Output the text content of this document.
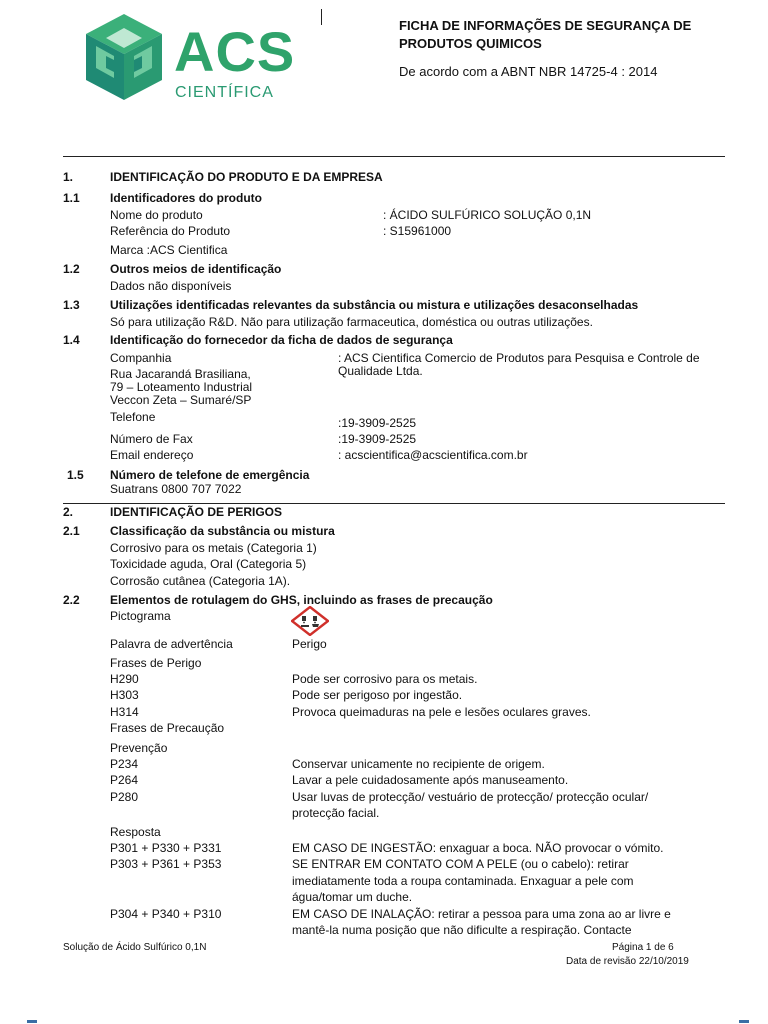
ACS
CIENTÍFICA
FICHA DE INFORMAÇÕES DE SEGURANÇA DE
PRODUTOS QUIMICOS
De acordo com a ABNT NBR 14725-4 : 2014
1.	IDENTIFICAÇÃO DO PRODUTO E DA EMPRESA
1.1	Identificadores do produto
Nome do produto	: ÁCIDO SULFÚRICO SOLUÇÃO 0,1N
Referência do Produto	: S15961000
Marca :ACS Cientifica
1.2	Outros meios de identificação
Dados não disponíveis
1.3	Utilizações identificadas relevantes da substância ou mistura e utilizações desaconselhadas
Só para utilização R&D. Não para utilização farmaceutica, doméstica ou outras utilizações.
1.4	Identificação do fornecedor da ficha de dados de segurança
Companhia	: ACS Cientifica Comercio de Produtos para Pesquisa e Controle de
Qualidade Ltda.
Rua Jacarandá Brasiliana,
79 – Loteamento Industrial
Veccon Zeta – Sumaré/SP
Telefone	:19-3909-2525
Número de Fax	:19-3909-2525
Email endereço	: acscientifica@acscientifica.com.br
1.5 Número de telefone de emergência
Suatrans 0800 707 7022
2.	IDENTIFICAÇÃO DE PERIGOS
2.1	Classificação da substância ou mistura
Corrosivo para os metais (Categoria 1)
Toxicidade aguda, Oral (Categoria 5)
Corrosão cutânea (Categoria 1A).
2.2	Elementos de rotulagem do GHS, incluindo as frases de precaução
Pictograma
Palavra de advertência	Perigo
Frases de Perigo
H290	Pode ser corrosivo para os metais.
H303	Pode ser perigoso por ingestão.
H314	Provoca queimaduras na pele e lesões oculares graves.
Frases de Precaução
Prevenção
P234	Conservar unicamente no recipiente de origem.
P264	Lavar a pele cuidadosamente após manuseamento.
P280	Usar luvas de protecção/ vestuário de protecção/ protecção ocular/
protecção facial.
Resposta
P301 + P330 + P331	EM CASO DE INGESTÃO: enxaguar a boca. NÃO provocar o vómito.
P303 + P361 + P353	SE ENTRAR EM CONTATO COM A PELE (ou o cabelo): retirar
imediatamente toda a roupa contaminada. Enxaguar a pele com
água/tomar um duche.
P304 + P340 + P310	EM CASO DE INALAÇÃO: retirar a pessoa para uma zona ao ar livre e
mantê-la numa posição que não dificulte a respiração. Contacte
Solução de Ácido Sulfúrico 0,1N	Página 1 de 6
Data de revisão 22/10/2019
